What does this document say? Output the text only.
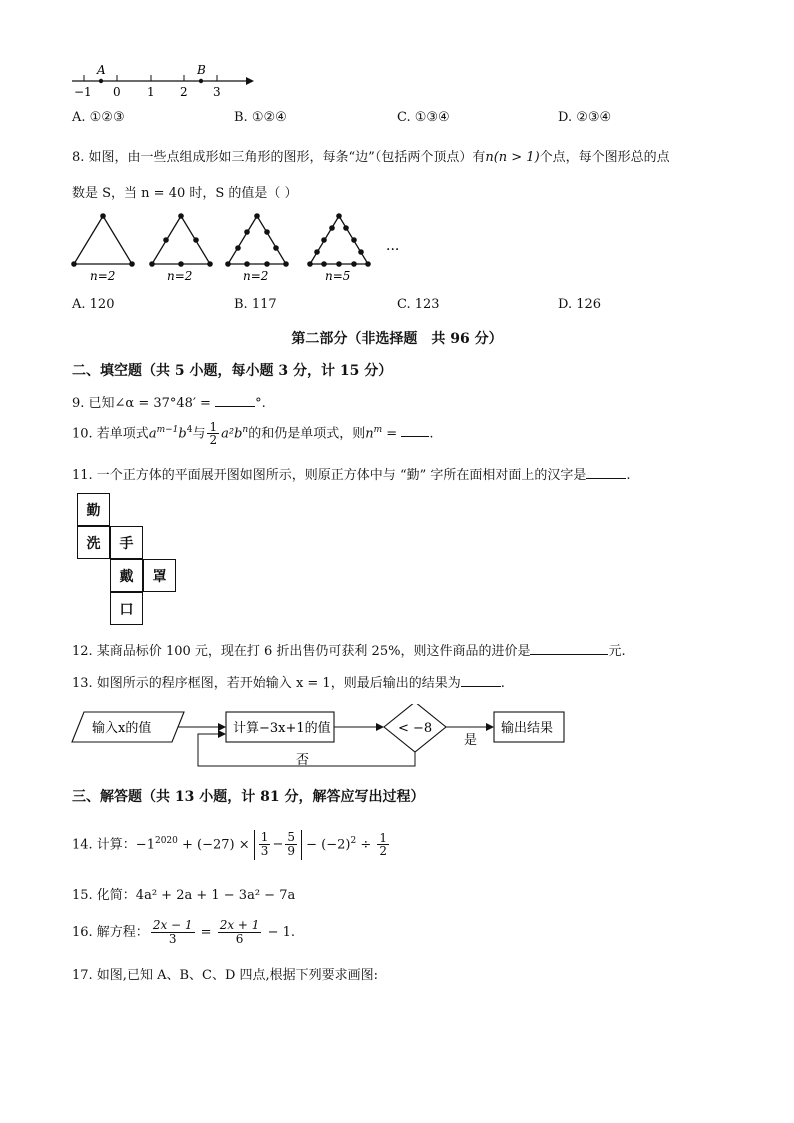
A	B
−1 0 1 2 3
A. ①②③	B. ①②④	C. ①③④	D. ②③④
8. 如图，由一些点组成形如三角形的图形，每条“边”（包括两个顶点）有n(n > 1)个点，每个图形总的点
数是 S，当 n = 40 时，S 的值是（ ）
n=2	n=2	n=2	n=5
···
A. 120	B. 117	C. 123	D. 126
第二部分（非选择题　共 96 分）
二、填空题（共 5 小题，每小题 3 分，计 15 分）
9. 已知∠α = 37°48′ =	°.
10. 若单项式$a^{m-1}b^4$与 $\frac{1}{2} a^2b^n$的和仍是单项式，则$n^m$ = .
11. 一个正方体的平面展开图如图所示，则原正方体中与 “勤” 字所在面相对面上的汉字是	.
勤
洗	手
戴	罩
口
12. 某商品标价 100 元，现在打 6 折出售仍可获利 25%，则这件商品的进价是	元.
13. 如图所示的程序框图，若开始输入 x = 1，则最后输出的结果为	.
输入x的值	计算−3x+1的值	< −8	输出结果
是
否
三、解答题（共 13 小题，计 81 分，解答应写出过程）
14. 计算：$-1^{2020} + (-27) \times \frac{1}{3} - \frac{5}{9} - (-2)^2 \div \frac{1}{2}$
15. 化简：4a² + 2a + 1 − 3a² − 7a
16. 解方程： $\frac{2x - 1}{3} = \frac{2x + 1}{6} - 1$.
17. 如图,已知 A、B、C、D 四点,根据下列要求画图:
